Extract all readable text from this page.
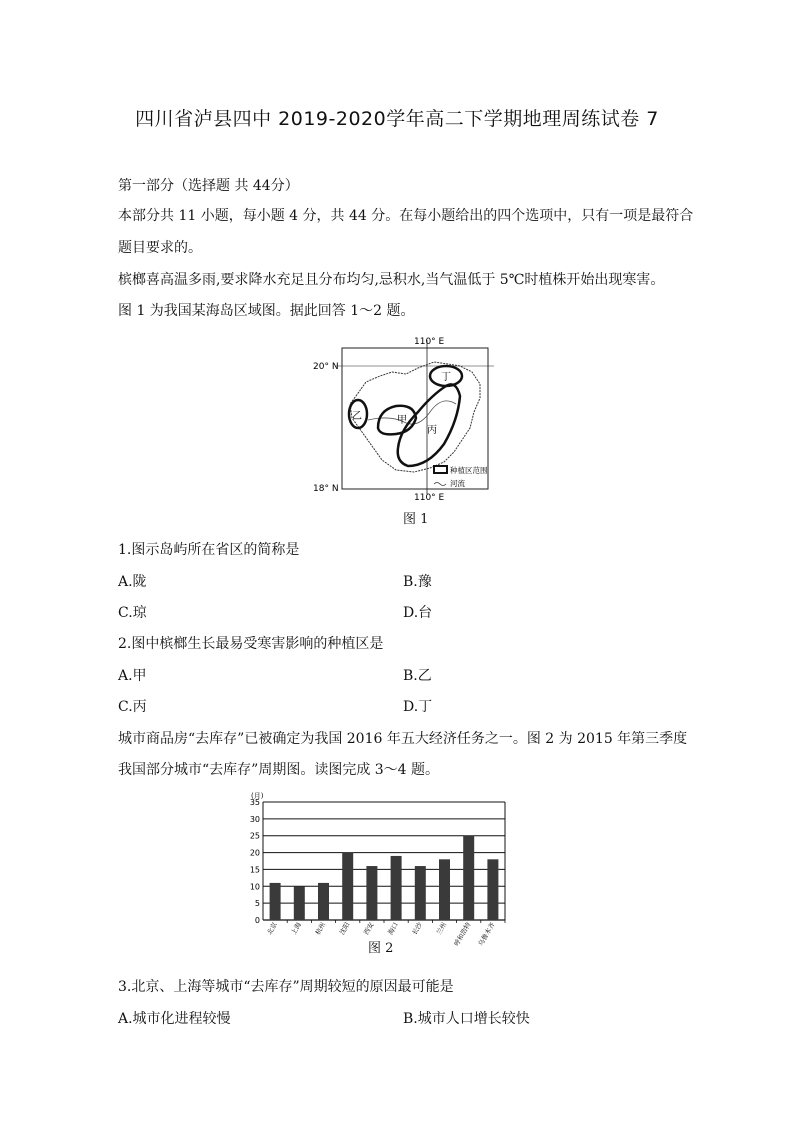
四川省泸县四中 2019-2020学年高二下学期地理周练试卷 7
第一部分（选择题 共 44分）
本部分共 11 小题，每小题 4 分，共 44 分。在每小题给出的四个选项中，只有一项是最符合
题目要求的。
槟榔喜高温多雨,要求降水充足且分布均匀,忌积水,当气温低于 5℃时植株开始出现寒害。
图 1 为我国某海岛区域图。据此回答 1～2 题。
种植区范围
河流
110° E
110° E
20° N
18° N
丁
甲
乙
丙
图 1
1.图示岛屿所在省区的简称是
A.陇	B.豫
C.琼	D.台
2.图中槟榔生长最易受寒害影响的种植区是
A.甲	B.乙
C.丙	D.丁
城市商品房“去库存”已被确定为我国 2016 年五大经济任务之一。图 2 为 2015 年第三季度
我国部分城市“去库存”周期图。读图完成 3～4 题。
0
5
10
15
20
25
30
35
北京 上海 杭州 沈阳 西安 海口 长沙 兰州 呼和浩特 乌鲁木齐
(月)
图 2
3.北京、上海等城市“去库存”周期较短的原因最可能是
A.城市化进程较慢	B.城市人口增长较快
